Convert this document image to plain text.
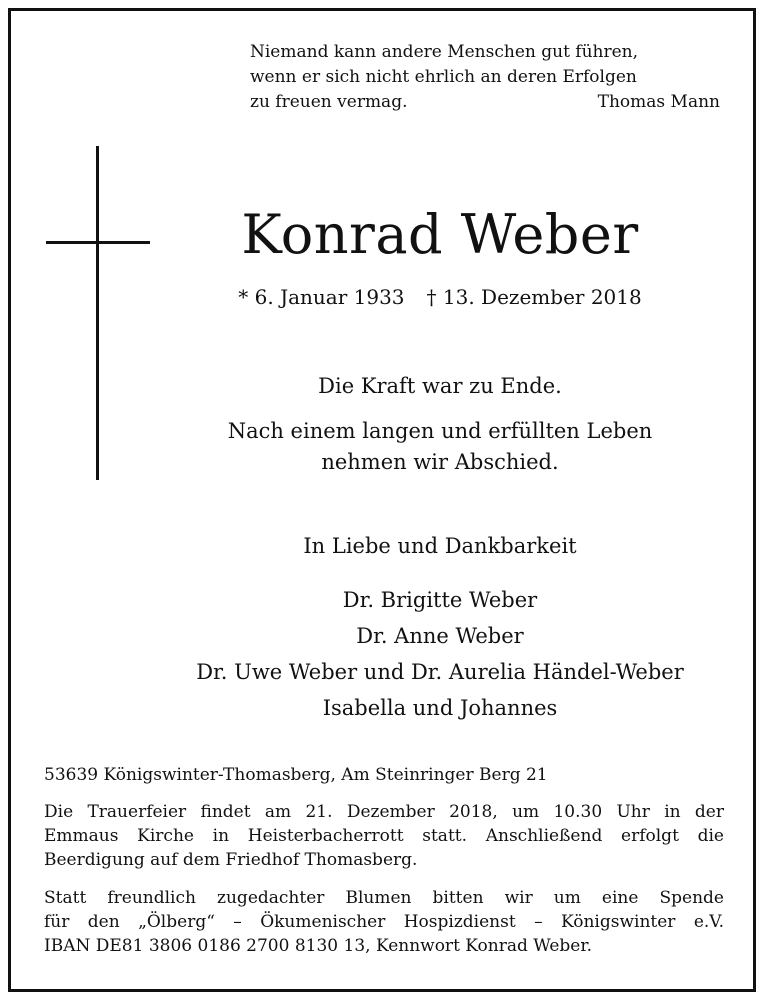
Niemand kann andere Menschen gut führen,
wenn er sich nicht ehrlich an deren Erfolgen
zu freuen vermag.	Thomas Mann
Konrad Weber
* 6. Januar 1933 † 13. Dezember 2018
Die Kraft war zu Ende.
Nach einem langen und erfüllten Leben
nehmen wir Abschied.
In Liebe und Dankbarkeit
Dr. Brigitte Weber
Dr. Anne Weber
Dr. Uwe Weber und Dr. Aurelia Händel-Weber
Isabella und Johannes
53639 Königswinter-Thomasberg, Am Steinringer Berg 21
Die Trauerfeier findet am 21. Dezember 2018, um 10.30 Uhr in der
Emmaus Kirche in Heisterbacherrott statt. Anschließend erfolgt die
Beerdigung auf dem Friedhof Thomasberg.
Statt freundlich zugedachter Blumen bitten wir um eine Spende
für den „Ölberg“ – Ökumenischer Hospizdienst – Königswinter e.V.
IBAN DE81 3806 0186 2700 8130 13, Kennwort Konrad Weber.
